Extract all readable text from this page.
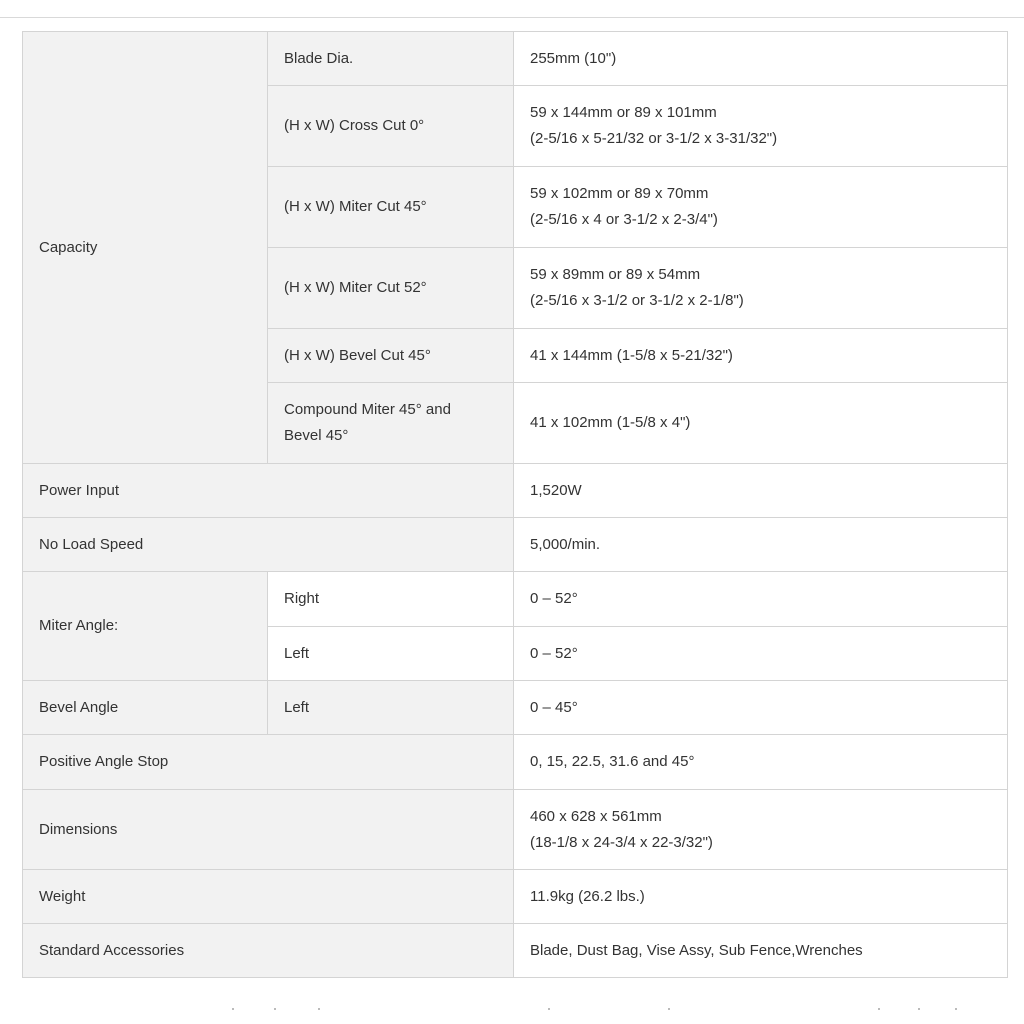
Capacity	Blade Dia.	255mm (10")

	(H x W) Cross Cut 0°	59 x 144mm or 89 x 101mm
(2-5/16 x 5-21/32 or 3-1/2 x 3-31/32")

	(H x W) Miter Cut 45°	59 x 102mm or 89 x 70mm
(2-5/16 x 4 or 3-1/2 x 2-3/4")

	(H x W) Miter Cut 52°	59 x 89mm or 89 x 54mm
(2-5/16 x 3-1/2 or 3-1/2 x 2-1/8")

	(H x W) Bevel Cut 45°	41 x 144mm (1-5/8 x 5-21/32")

	Compound Miter 45° and
Bevel 45°	41 x 102mm (1-5/8 x 4")

Power Input		1,520W
No Load Speed		5,000/min.
Miter Angle:	Right	0 – 52°
	Left	0 – 52°
Bevel Angle	Left	0 – 45°
Positive Angle Stop		0, 15, 22.5, 31.6 and 45°
Dimensions		460 x 628 x 561mm
(18-1/8 x 24-3/4 x 22-3/32")

Weight		11.9kg (26.2 lbs.)
Standard Accessories		Blade, Dust Bag, Vise Assy, Sub Fence,Wrenches
